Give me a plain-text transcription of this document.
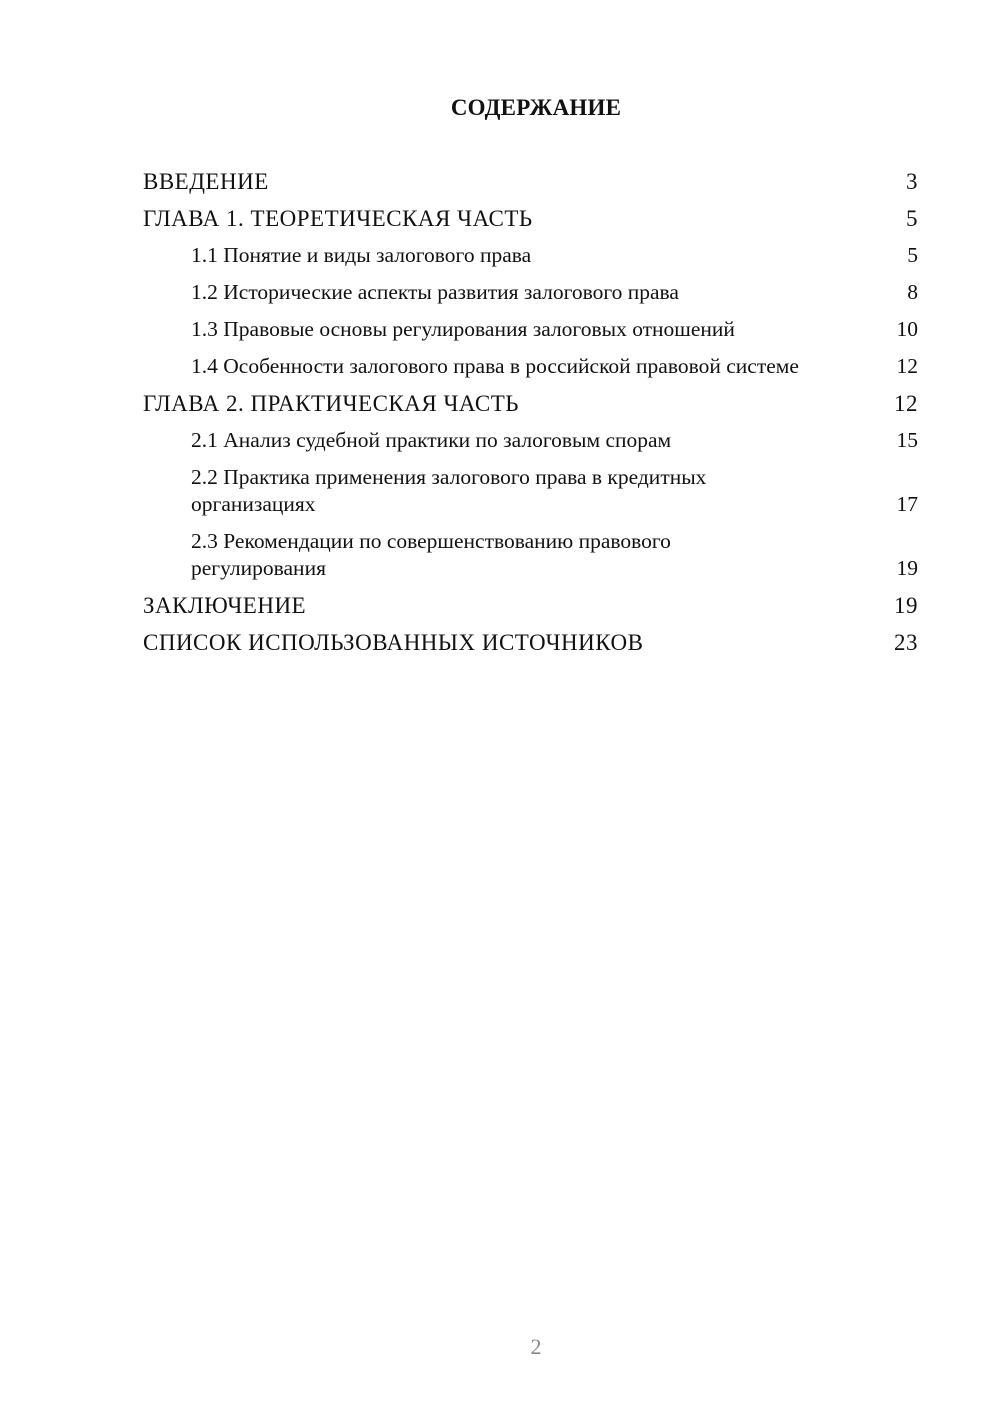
СОДЕРЖАНИЕ
ВВЕДЕНИЕ	3
ГЛАВА 1. ТЕОРЕТИЧЕСКАЯ ЧАСТЬ	5
1.1 Понятие и виды залогового права	5
1.2 Исторические аспекты развития залогового права	8
1.3 Правовые основы регулирования залоговых отношений	10
1.4 Особенности залогового права в российской правовой системе	12
ГЛАВА 2. ПРАКТИЧЕСКАЯ ЧАСТЬ	12
2.1 Анализ судебной практики по залоговым спорам	15
2.2 Практика применения залогового права в кредитных организациях	17
2.3 Рекомендации по совершенствованию правового регулирования	19
ЗАКЛЮЧЕНИЕ	19
СПИСОК ИСПОЛЬЗОВАННЫХ ИСТОЧНИКОВ	23
2
